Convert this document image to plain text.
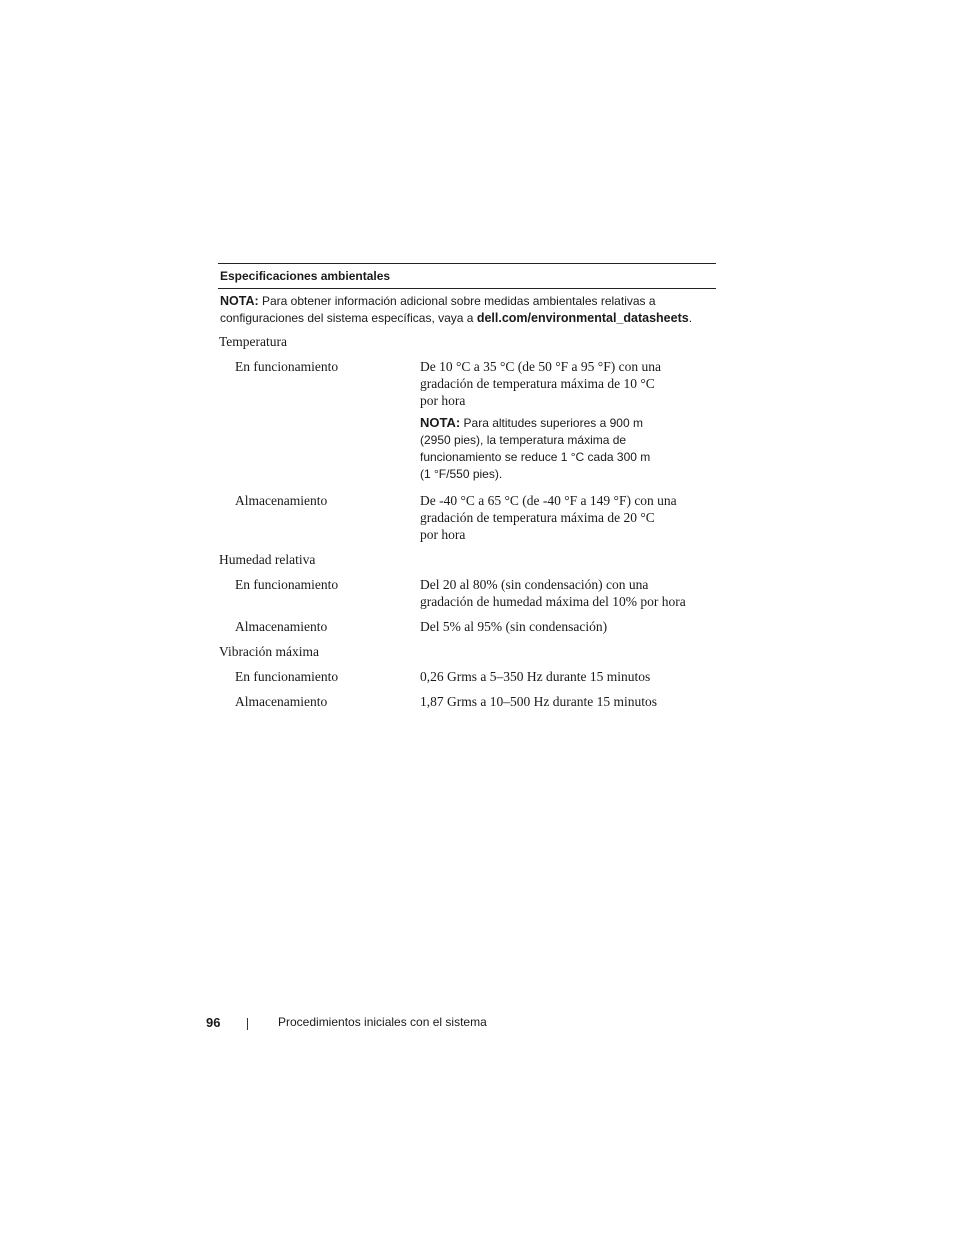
Especificaciones ambientales
NOTA: Para obtener información adicional sobre medidas ambientales relativas a configuraciones del sistema específicas, vaya a dell.com/environmental_datasheets.
Temperatura
En funcionamiento	De 10 °C a 35 °C (de 50 °F a 95 °F) con una
gradación de temperatura máxima de 10 °C
por hora
NOTA: Para altitudes superiores a 900 m
(2950 pies), la temperatura máxima de
funcionamiento se reduce 1 °C cada 300 m
(1 °F/550 pies).
Almacenamiento	De -40 °C a 65 °C (de -40 °F a 149 °F) con una
gradación de temperatura máxima de 20 °C
por hora
Humedad relativa
En funcionamiento	Del 20 al 80% (sin condensación) con una
gradación de humedad máxima del 10% por hora
Almacenamiento	Del 5% al 95% (sin condensación)
Vibración máxima
En funcionamiento	0,26 Grms a 5–350 Hz durante 15 minutos
Almacenamiento	1,87 Grms a 10–500 Hz durante 15 minutos
96	Procedimientos iniciales con el sistema
